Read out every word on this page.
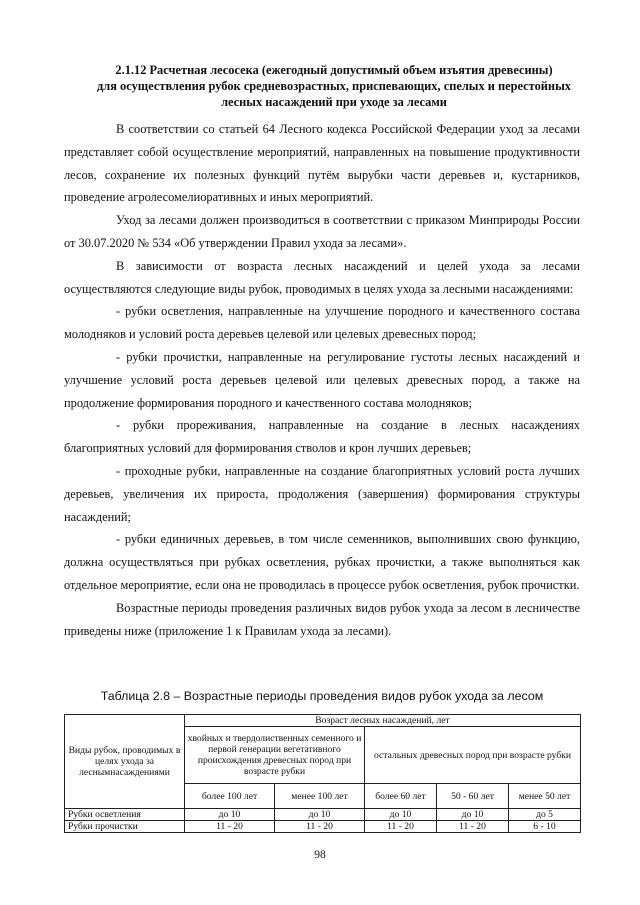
2.1.12 Расчетная лесосека (ежегодный допустимый объем изъятия древесины)
для осуществления рубок средневозрастных, приспевающих, спелых и перестойных
лесных насаждений при уходе за лесами

В соответствии со статьей 64 Лесного кодекса Российской Федерации уход за лесами представляет собой осуществление мероприятий, направленных на повышение продуктивности лесов, сохранение их полезных функций путём вырубки части деревьев и, кустарников, проведение агролесомелиоративных и иных мероприятий.

Уход за лесами должен производиться в соответствии с приказом Минприроды России от 30.07.2020 № 534 «Об утверждении Правил ухода за лесами».

В зависимости от возраста лесных насаждений и целей ухода за лесами осуществляются следующие виды рубок, проводимых в целях ухода за лесными насаждениями:

- рубки осветления, направленные на улучшение породного и качественного состава молодняков и условий роста деревьев целевой или целевых древесных пород;

- рубки прочистки, направленные на регулирование густоты лесных насаждений и улучшение условий роста деревьев целевой или целевых древесных пород, а также на продолжение формирования породного и качественного состава молодняков;

- рубки прореживания, направленные на создание в лесных насаждениях благоприятных условий для формирования стволов и крон лучших деревьев;

- проходные рубки, направленные на создание благоприятных условий роста лучших деревьев, увеличения их прироста, продолжения (завершения) формирования структуры насаждений;

- рубки единичных деревьев, в том числе семенников, выполнивших свою функцию, должна осуществляться при рубках осветления, рубках прочистки, а также выполняться как отдельное мероприятие, если она не проводилась в процессе рубок осветления, рубок прочистки.

Возрастные периоды проведения различных видов рубок ухода за лесом в лесничестве приведены ниже (приложение 1 к Правилам ухода за лесами).

Таблица 2.8 – Возрастные периоды проведения видов рубок ухода за лесом
Виды рубок, проводимых в целях ухода за леснымнасаждениями	Возраст лесных насаждений, лет				
	хвойных и твердолиственных семенного и первой генерации вегетативного происхождения древесных пород при возрасте рубки		остальных древесных пород при возрасте рубки		
	более 100 лет	менее 100 лет	более 60 лет	50 - 60 лет	менее 50 лет
Рубки осветления	до 10	до 10	до 10	до 10	до 5
Рубки прочистки	11 - 20	11 - 20	11 - 20	11 - 20	6 - 10
98
